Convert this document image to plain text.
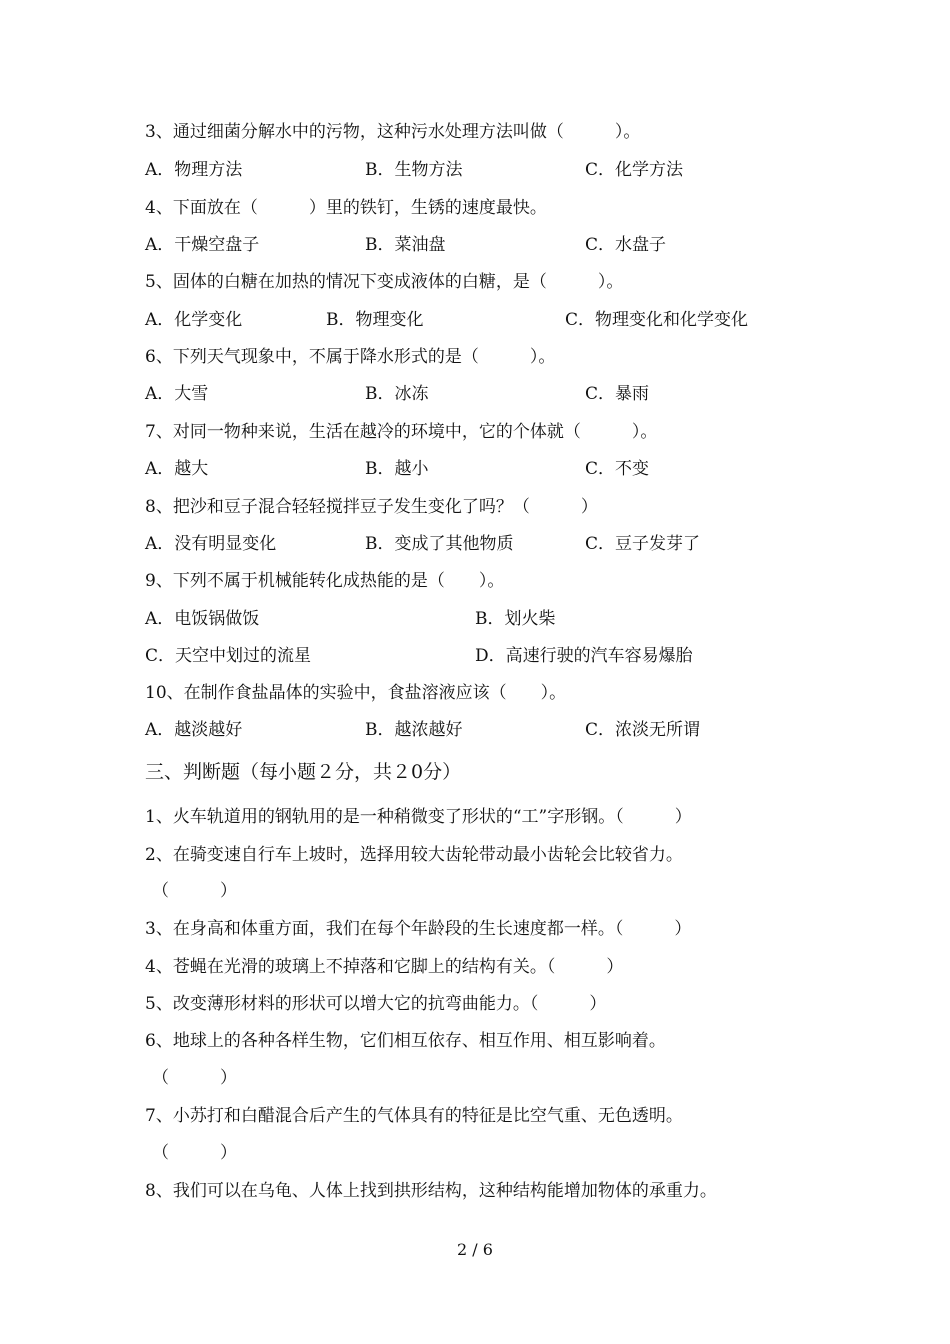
3、通过细菌分解水中的污物，这种污水处理方法叫做（　　　）。
A．物理方法	B．生物方法	C．化学方法
4、下面放在（　　　）里的铁钉，生锈的速度最快。
A．干燥空盘子	B．菜油盘	C．水盘子
5、固体的白糖在加热的情况下变成液体的白糖，是（　　　）。
A．化学变化	B．物理变化	C．物理变化和化学变化
6、下列天气现象中，不属于降水形式的是（　　　）。
A．大雪	B．冰冻	C．暴雨
7、对同一物种来说，生活在越冷的环境中，它的个体就（　　　）。
A．越大	B．越小	C．不变
8、把沙和豆子混合轻轻搅拌豆子发生变化了吗？（　　　）
A．没有明显变化	B．变成了其他物质	C．豆子发芽了
9、下列不属于机械能转化成热能的是（　　）。
A．电饭锅做饭	B．划火柴
C．天空中划过的流星	D．高速行驶的汽车容易爆胎
10、在制作食盐晶体的实验中，食盐溶液应该（　　）。
A．越淡越好	B．越浓越好	C．浓淡无所谓
三、判断题（每小题２分，共２0分）
1、火车轨道用的钢轨用的是一种稍微变了形状的“工”字形钢。（　　　）
2、在骑变速自行车上坡时，选择用较大齿轮带动最小齿轮会比较省力。
（　　　）
3、在身高和体重方面，我们在每个年龄段的生长速度都一样。（　　　）
4、苍蝇在光滑的玻璃上不掉落和它脚上的结构有关。（　　　）
5、改变薄形材料的形状可以增大它的抗弯曲能力。（　　　）
6、地球上的各种各样生物，它们相互依存、相互作用、相互影响着。
（　　　）
7、小苏打和白醋混合后产生的气体具有的特征是比空气重、无色透明。
（　　　）
8、我们可以在乌龟、人体上找到拱形结构，这种结构能增加物体的承重力。
2 / 6
